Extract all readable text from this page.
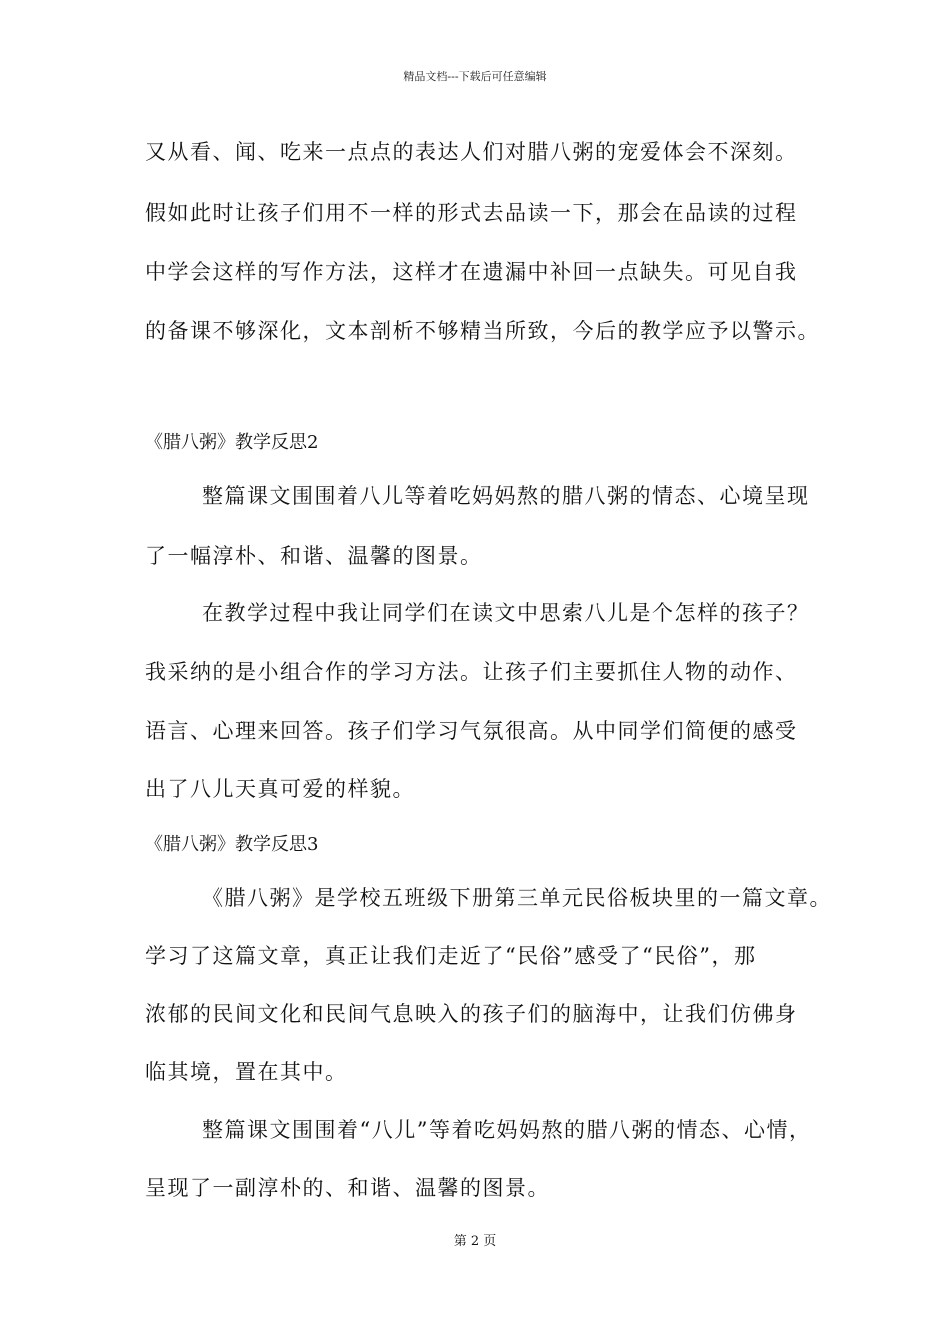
精品文档---下载后可任意编辑
又从看、闻、吃来一点点的表达人们对腊八粥的宠爱体会不深刻。
假如此时让孩子们用不一样的形式去品读一下，那会在品读的过程
中学会这样的写作方法，这样才在遗漏中补回一点缺失。可见自我
的备课不够深化，文本剖析不够精当所致，今后的教学应予以警示。
《腊八粥》教学反思2
整篇课文围围着八儿等着吃妈妈熬的腊八粥的情态、心境呈现
了一幅淳朴、和谐、温馨的图景。
在教学过程中我让同学们在读文中思索八儿是个怎样的孩子？
我采纳的是小组合作的学习方法。让孩子们主要抓住人物的动作、
语言、心理来回答。孩子们学习气氛很高。从中同学们简便的感受
出了八儿天真可爱的样貌。
《腊八粥》教学反思3
《腊八粥》是学校五班级下册第三单元民俗板块里的一篇文章。
学习了这篇文章，真正让我们走近了“民俗”感受了“民俗”，那
浓郁的民间文化和民间气息映入的孩子们的脑海中，让我们仿佛身
临其境，置在其中。
整篇课文围围着“八儿”等着吃妈妈熬的腊八粥的情态、心情，
呈现了一副淳朴的、和谐、温馨的图景。
第 2 页
